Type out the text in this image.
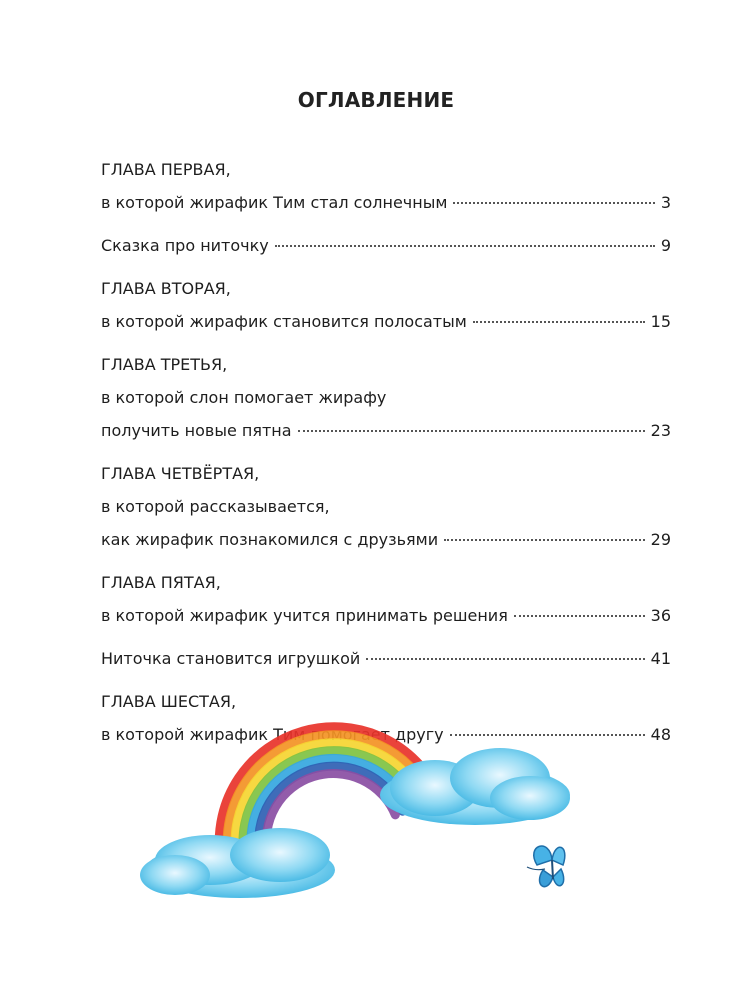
ОГЛАВЛЕНИЕ
ГЛАВА ПЕРВАЯ,
в которой жирафик Тим стал солнечным	3
Сказка про ниточку	9
ГЛАВА ВТОРАЯ,
в которой жирафик становится полосатым	15
ГЛАВА ТРЕТЬЯ,
в которой слон помогает жирафу
получить новые пятна	23
ГЛАВА ЧЕТВЁРТАЯ,
в которой рассказывается,
как жирафик познакомился с друзьями	29
ГЛАВА ПЯТАЯ,
в которой жирафик учится принимать решения	36
Ниточка становится игрушкой	41
ГЛАВА ШЕСТАЯ,
в которой жирафик Тим помогает другу	48
